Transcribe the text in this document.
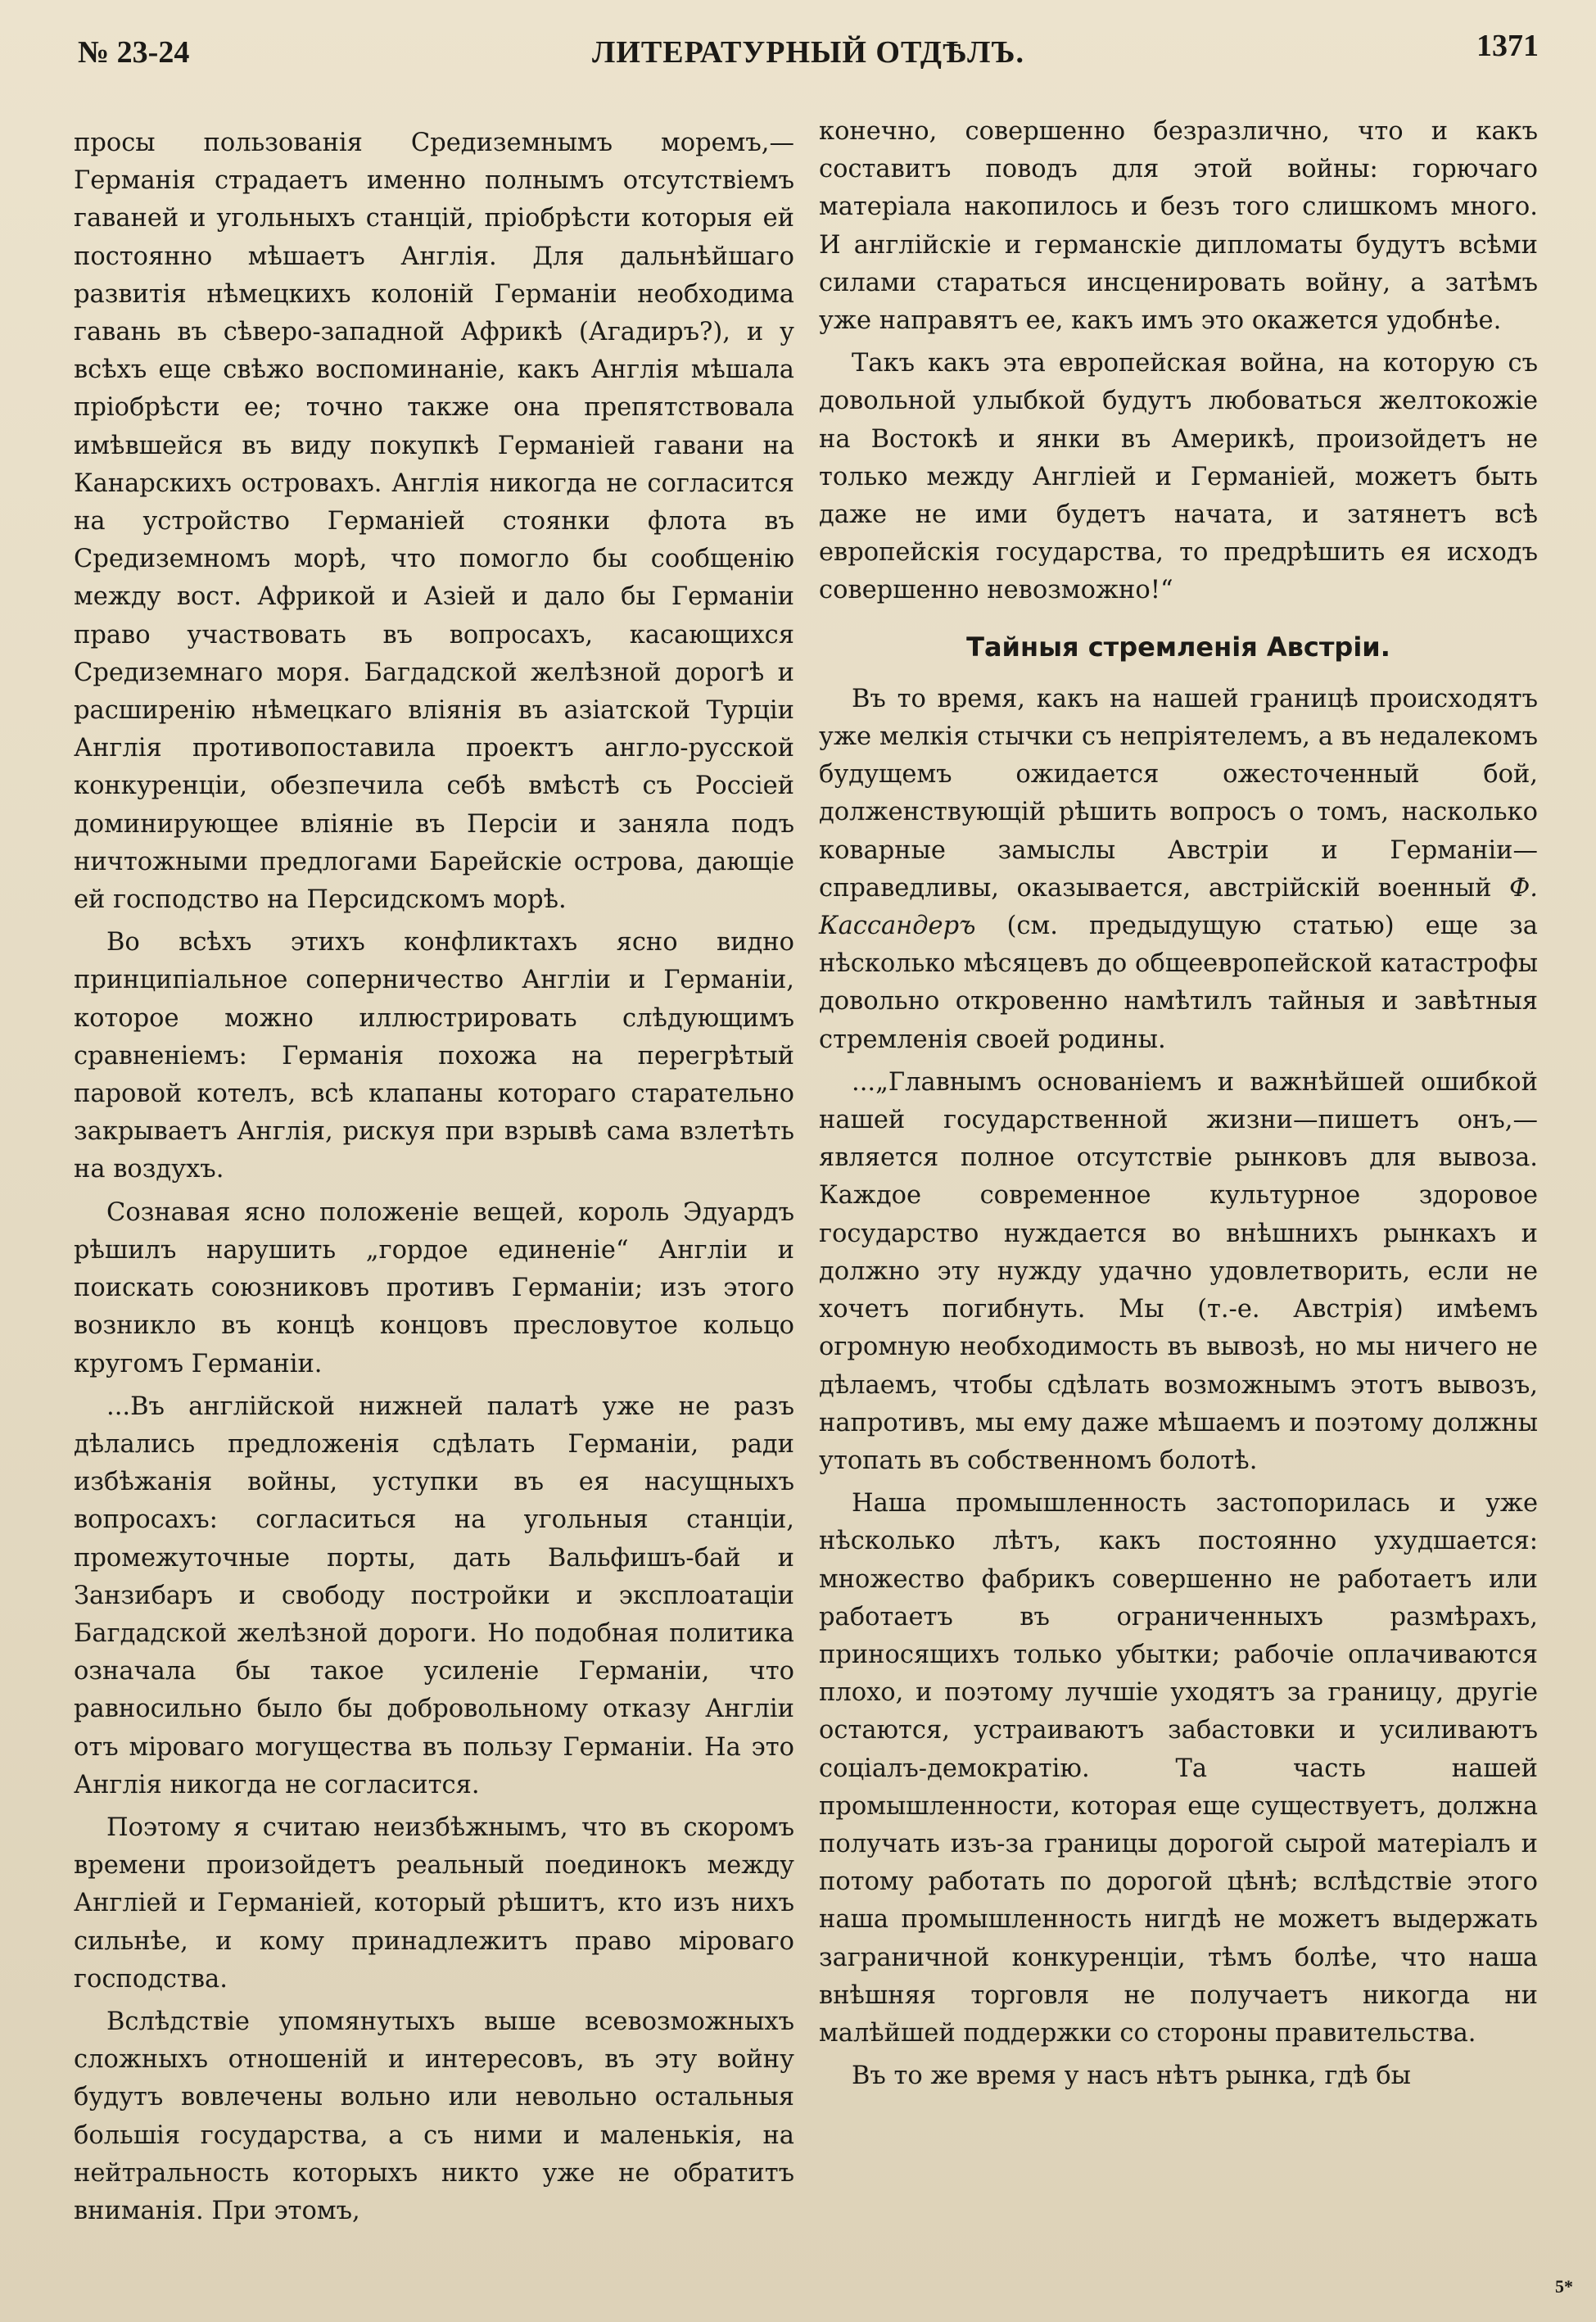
№ 23-24	ЛИТЕРАТУРНЫЙ ОТДѢЛЪ.	1371

просы пользованія Средиземнымъ моремъ,— Германія страдаетъ именно полнымъ отсутствіемъ гаваней и угольныхъ станцій, пріобрѣсти которыя ей постоянно мѣшаетъ Англія. Для дальнѣйшаго развитія нѣмецкихъ колоній Германіи необходима гавань въ сѣверо-западной Африкѣ (Агадиръ?), и у всѣхъ еще свѣжо воспоминаніе, какъ Англія мѣшала пріобрѣсти ее; точно также она препятствовала имѣвшейся въ виду покупкѣ Германіей гавани на Канарскихъ островахъ. Англія никогда не согласится на устройство Германіей стоянки флота въ Средиземномъ морѣ, что помогло бы сообщенію между вост. Африкой и Азіей и дало бы Германіи право участвовать въ вопросахъ, касающихся Средиземнаго моря. Багдадской желѣзной дорогѣ и расширенію нѣмецкаго вліянія въ азіатской Турціи Англія противопоставила проектъ англо-русской конкуренціи, обезпечила себѣ вмѣстѣ съ Россіей доминирующее вліяніе въ Персіи и заняла подъ ничтожными предлогами Барейскіе острова, дающіе ей господство на Персидскомъ морѣ.

Во всѣхъ этихъ конфликтахъ ясно видно принципіальное соперничество Англіи и Германіи, которое можно иллюстрировать слѣдующимъ сравненіемъ: Германія похожа на перегрѣтый паровой котелъ, всѣ клапаны котораго старательно закрываетъ Англія, рискуя при взрывѣ сама взлетѣть на воздухъ.

Сознавая ясно положеніе вещей, король Эдуардъ рѣшилъ нарушить „гордое единеніе“ Англіи и поискать союзниковъ противъ Германіи; изъ этого возникло въ концѣ концовъ пресловутое кольцо кругомъ Германіи.

...Въ англійской нижней палатѣ уже не разъ дѣлались предложенія сдѣлать Германіи, ради избѣжанія войны, уступки въ ея насущныхъ вопросахъ: согласиться на угольныя станціи, промежуточные порты, дать Вальфишъ-бай и Занзибаръ и свободу постройки и эксплоатаціи Багдадской желѣзной дороги. Но подобная политика означала бы такое усиленіе Германіи, что равносильно было бы добровольному отказу Англіи отъ міроваго могущества въ пользу Германіи. На это Англія никогда не согласится.

Поэтому я считаю неизбѣжнымъ, что въ скоромъ времени произойдетъ реальный поединокъ между Англіей и Германіей, который рѣшитъ, кто изъ нихъ сильнѣе, и кому принадлежитъ право міроваго господства.

Вслѣдствіе упомянутыхъ выше всевозможныхъ сложныхъ отношеній и интересовъ, въ эту войну будутъ вовлечены вольно или невольно остальныя большія государства, а съ ними и маленькія, на нейтральность которыхъ никто уже не обратитъ вниманія. При этомъ,

конечно, совершенно безразлично, что и какъ составитъ поводъ для этой войны: горючаго матеріала накопилось и безъ того слишкомъ много. И англійскіе и германскіе дипломаты будутъ всѣми силами стараться инсценировать войну, а затѣмъ уже направятъ ее, какъ имъ это окажется удобнѣе.

Такъ какъ эта европейская война, на которую съ довольной улыбкой будутъ любоваться желтокожіе на Востокѣ и янки въ Америкѣ, произойдетъ не только между Англіей и Германіей, можетъ быть даже не ими будетъ начата, и затянетъ всѣ европейскія государства, то предрѣшить ея исходъ совершенно невозможно!“

Тайныя стремленія Австріи.

Въ то время, какъ на нашей границѣ происходятъ уже мелкія стычки съ непріятелемъ, а въ недалекомъ будущемъ ожидается ожесточенный бой, долженствующій рѣшить вопросъ о томъ, насколько коварные замыслы Австріи и Германіи—справедливы, оказывается, австрійскій военный Ф. Кассандеръ (см. предыдущую статью) еще за нѣсколько мѣсяцевъ до общеевропейской катастрофы довольно откровенно намѣтилъ тайныя и завѣтныя стремленія своей родины.

...„Главнымъ основаніемъ и важнѣйшей ошибкой нашей государственной жизни—пишетъ онъ,—является полное отсутствіе рынковъ для вывоза. Каждое современное культурное здоровое государство нуждается во внѣшнихъ рынкахъ и должно эту нужду удачно удовлетворить, если не хочетъ погибнуть. Мы (т.-е. Австрія) имѣемъ огромную необходимость въ вывозѣ, но мы ничего не дѣлаемъ, чтобы сдѣлать возможнымъ этотъ вывозъ, напротивъ, мы ему даже мѣшаемъ и поэтому должны утопать въ собственномъ болотѣ.

Наша промышленность застопорилась и уже нѣсколько лѣтъ, какъ постоянно ухудшается: множество фабрикъ совершенно не работаетъ или работаетъ въ ограниченныхъ размѣрахъ, приносящихъ только убытки; рабочіе оплачиваются плохо, и поэтому лучшіе уходятъ за границу, другіе остаются, устраиваютъ забастовки и усиливаютъ соціалъ-демократію. Та часть нашей промышленности, которая еще существуетъ, должна получать изъ-за границы дорогой сырой матеріалъ и потому работать по дорогой цѣнѣ; вслѣдствіе этого наша промышленность нигдѣ не можетъ выдержать заграничной конкуренціи, тѣмъ болѣе, что наша внѣшняя торговля не получаетъ никогда ни малѣйшей поддержки со стороны правительства.

Въ то же время у насъ нѣтъ рынка, гдѣ бы

5*
